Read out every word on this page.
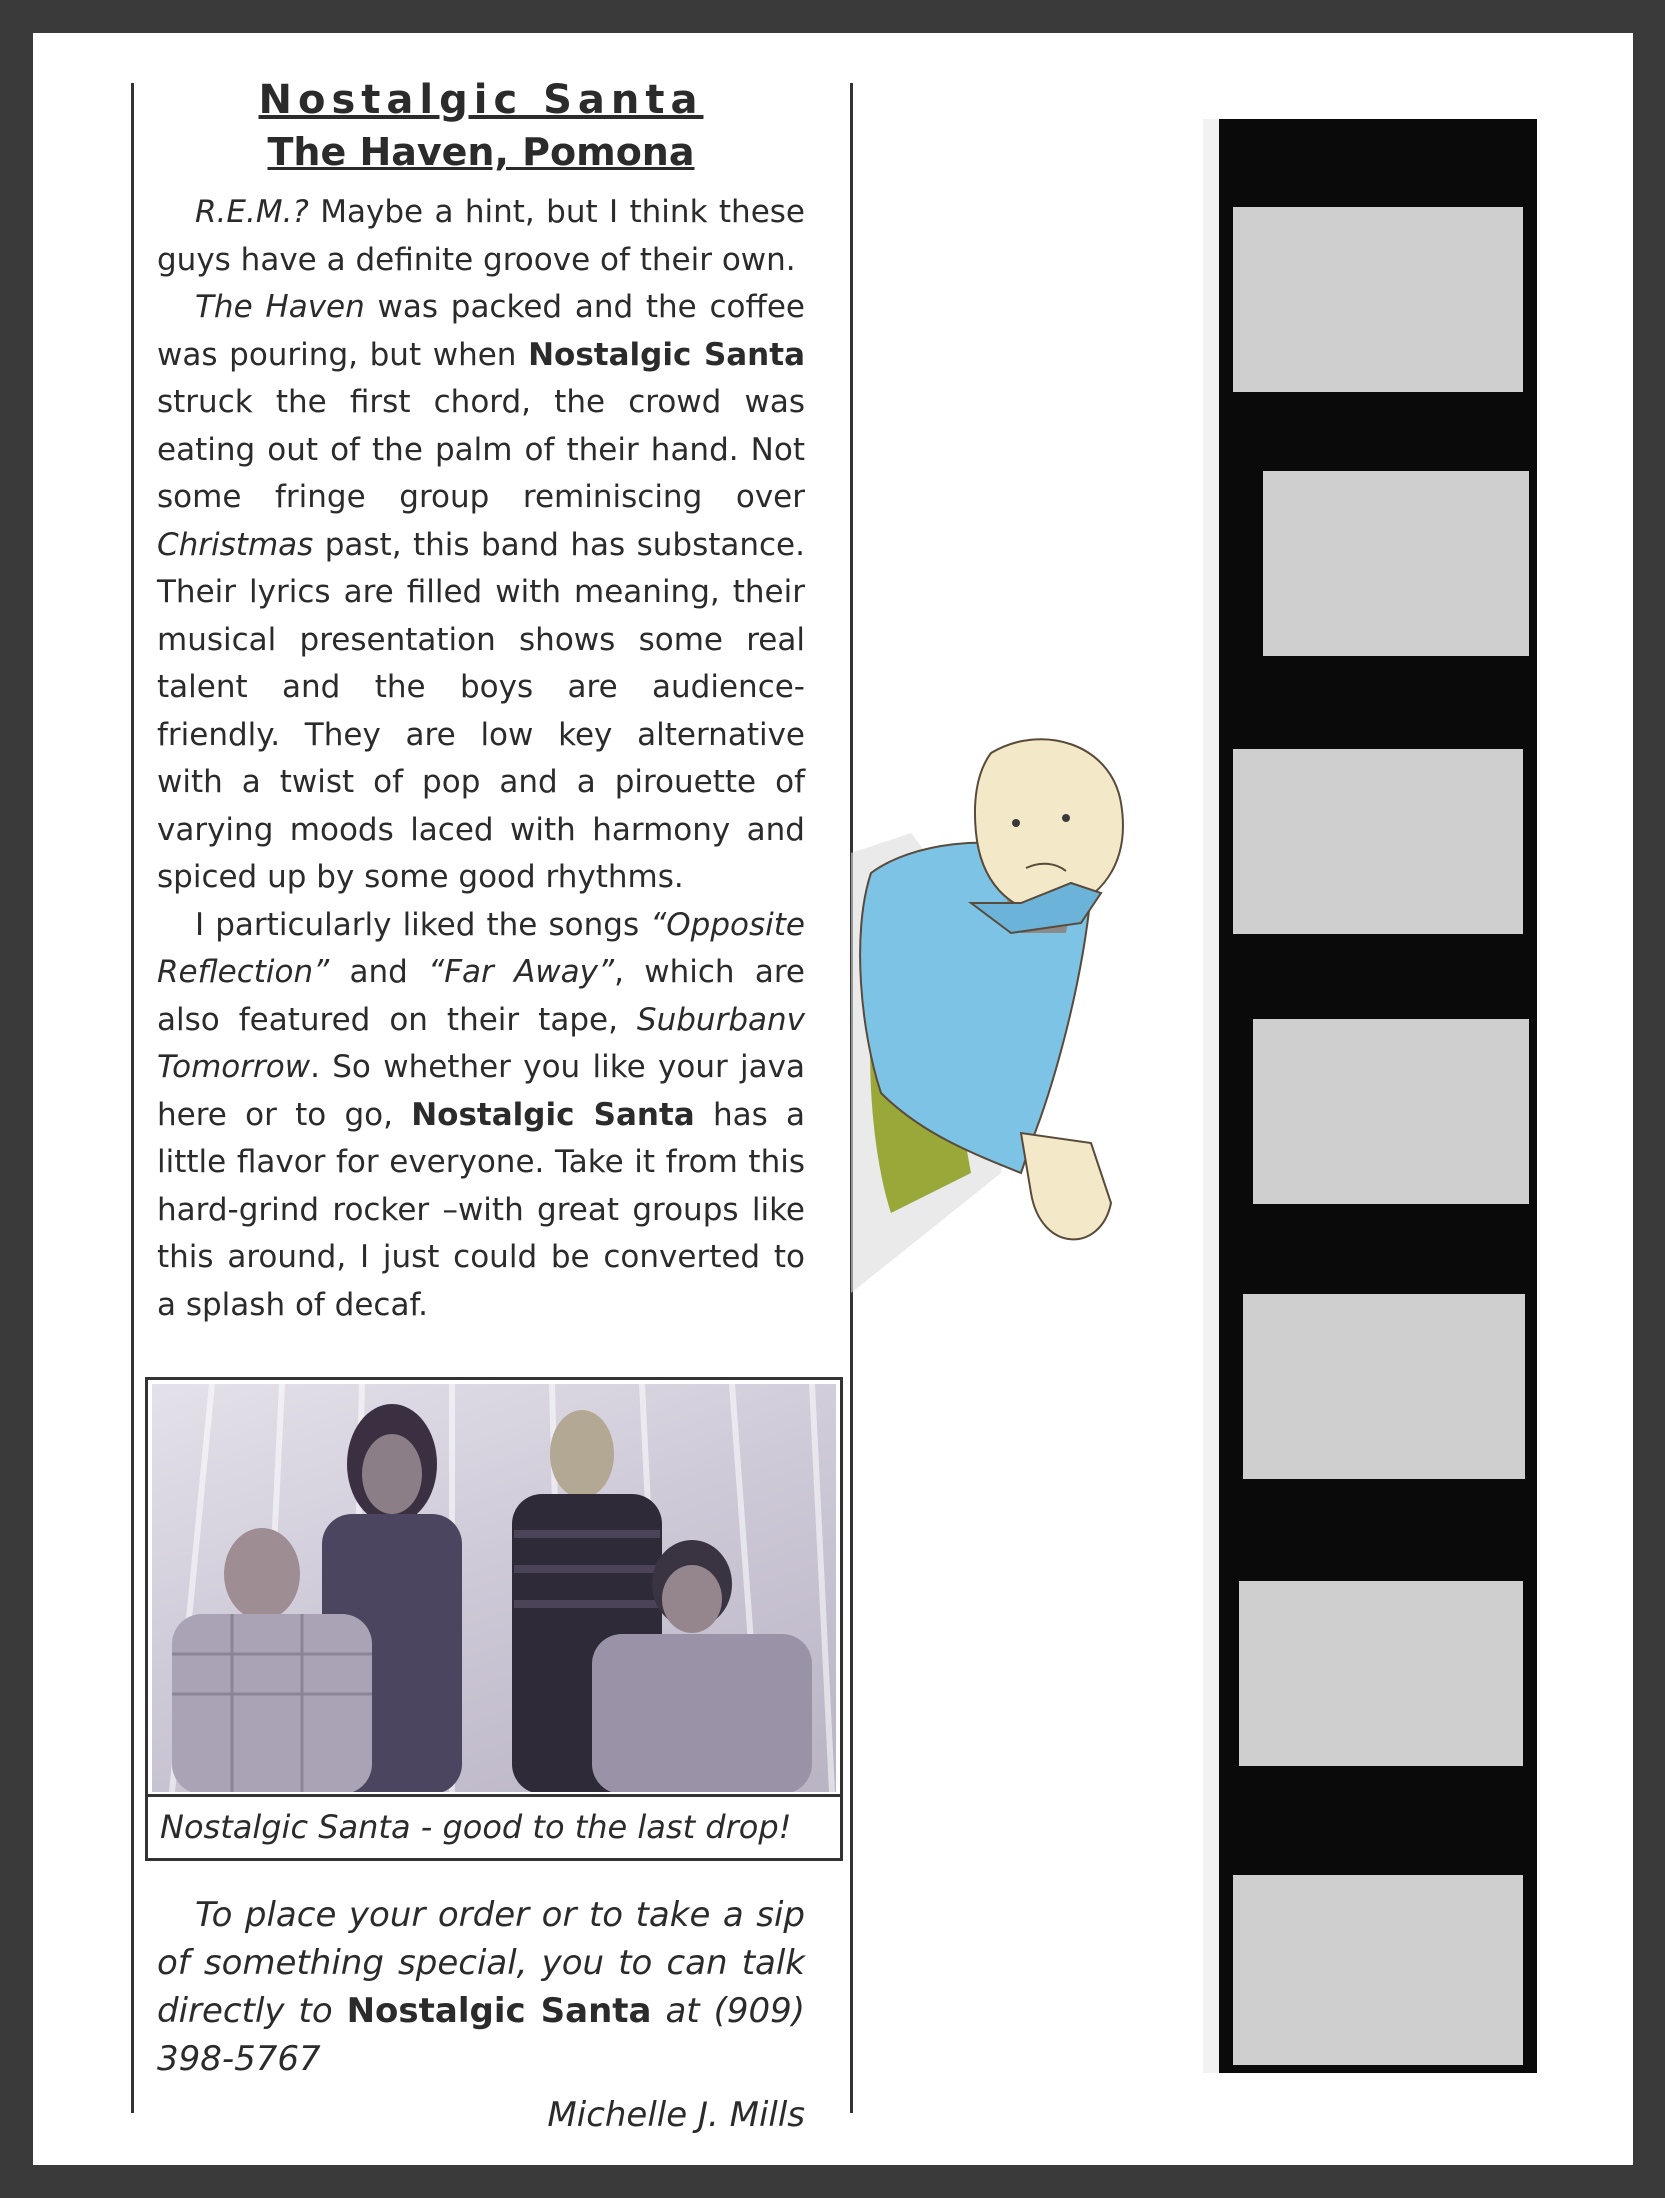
Nostalgic Santa
The Haven, Pomona

R.E.M.? Maybe a hint, but I think these guys have a definite groove of their own.

The Haven was packed and the coffee was pouring, but when Nostalgic Santa struck the first chord, the crowd was eating out of the palm of their hand. Not some fringe group reminiscing over Christmas past, this band has substance. Their lyrics are filled with meaning, their musical presentation shows some real talent and the boys are audience-friendly. They are low key alternative with a twist of pop and a pirouette of varying moods laced with harmony and spiced up by some good rhythms.

I particularly liked the songs “Opposite Reflection” and “Far Away”, which are also featured on their tape, Suburbanv Tomorrow. So whether you like your java here or to go, Nostalgic Santa has a little flavor for everyone. Take it from this hard-grind rocker –with great groups like this around, I just could be converted to a splash of decaf.

Nostalgic Santa - good to the last drop!

To place your order or to take a sip of something special, you to can talk directly to Nostalgic Santa at (909) 398-5767

Michelle J. Mills
